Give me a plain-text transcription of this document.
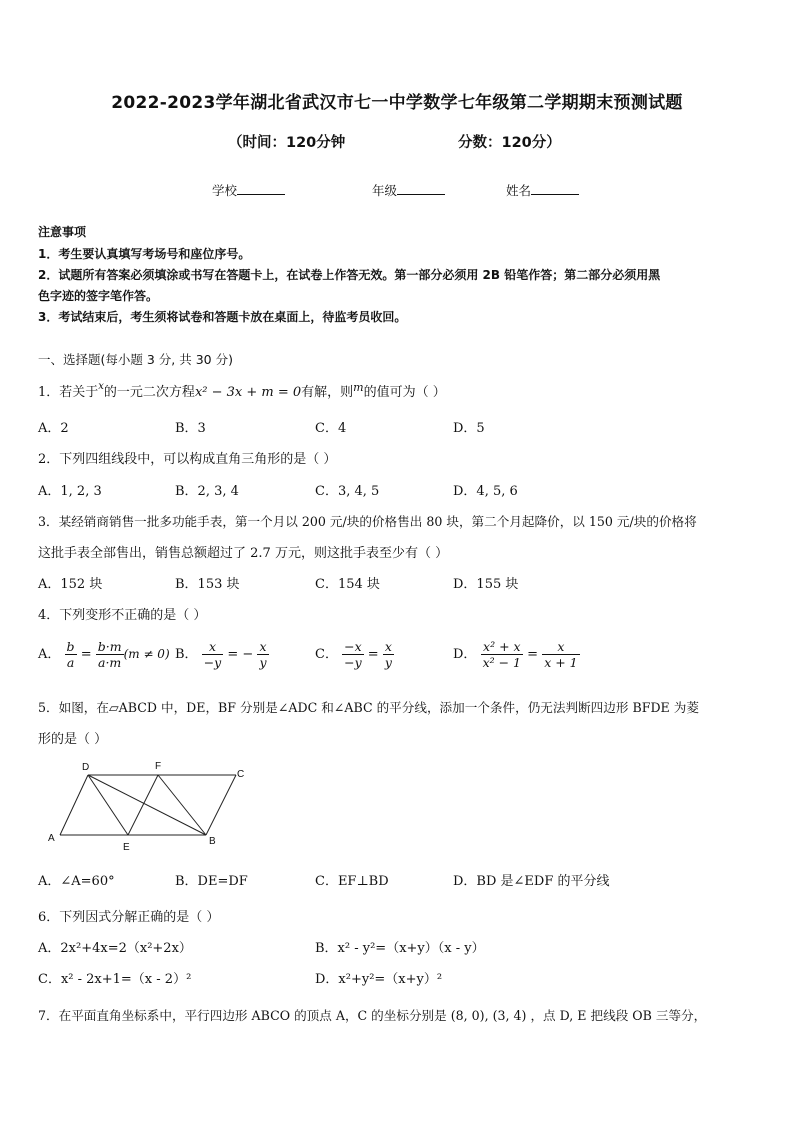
2022-2023学年湖北省武汉市七一中学数学七年级第二学期期末预测试题
（时间：120分钟	分数：120分）
学校	年级	姓名
注意事项
1．考生要认真填写考场号和座位序号。
2．试题所有答案必须填涂或书写在答题卡上，在试卷上作答无效。第一部分必须用 2B 铅笔作答；第二部分必须用黑
色字迹的签字笔作答。
3．考试结束后，考生须将试卷和答题卡放在桌面上，待监考员收回。
一、选择题(每小题 3 分, 共 30 分)
1．若关于$^x$的一元二次方程x² − 3x + m = 0有解，则$^m$的值可为（ ）
A．2	B．3	C．4	D．5
2．下列四组线段中，可以构成直角三角形的是（ ）
A．1, 2, 3	B．2, 3, 4	C．3, 4, 5	D．4, 5, 6
3．某经销商销售一批多功能手表，第一个月以 200 元/块的价格售出 80 块，第二个月起降价，以 150 元/块的价格将
这批手表全部售出，销售总额超过了 2.7 万元，则这批手表至少有（ ）
A．152 块	B．153 块	C．154 块	D．155 块
4．下列变形不正确的是（ ）
A． $\frac{b}{a} = \frac{b\cdot m}{a\cdot m} (m \ne 0)$ B． $\frac{x}{-y}$ = − $\frac{x}{y}$	C． $\frac{-x}{-y} = \frac{x}{y}$	D． $\frac{\text{x² + x}}{\text{x² − 1}} = \frac{x}{x + 1}$
5．如图，在▱ABCD 中，DE，BF 分别是∠ADC 和∠ABC 的平分线，添加一个条件，仍无法判断四边形 BFDE 为菱
形的是（ ）
D	F
C
A
E
B
A．∠A=60°	B．DE=DF	C．EF⊥BD	D．BD 是∠EDF 的平分线
6．下列因式分解正确的是（ ）
A．2x²+4x=2（x²+2x）	B．x² - y²=（x+y）（x - y）
C．x² - 2x+1=（x - 2）²	D．x²+y²=（x+y）²
7．在平面直角坐标系中，平行四边形 ABCO 的顶点 A，C 的坐标分别是 (8, 0), (3, 4) ，点 D, E 把线段 OB 三等分，
